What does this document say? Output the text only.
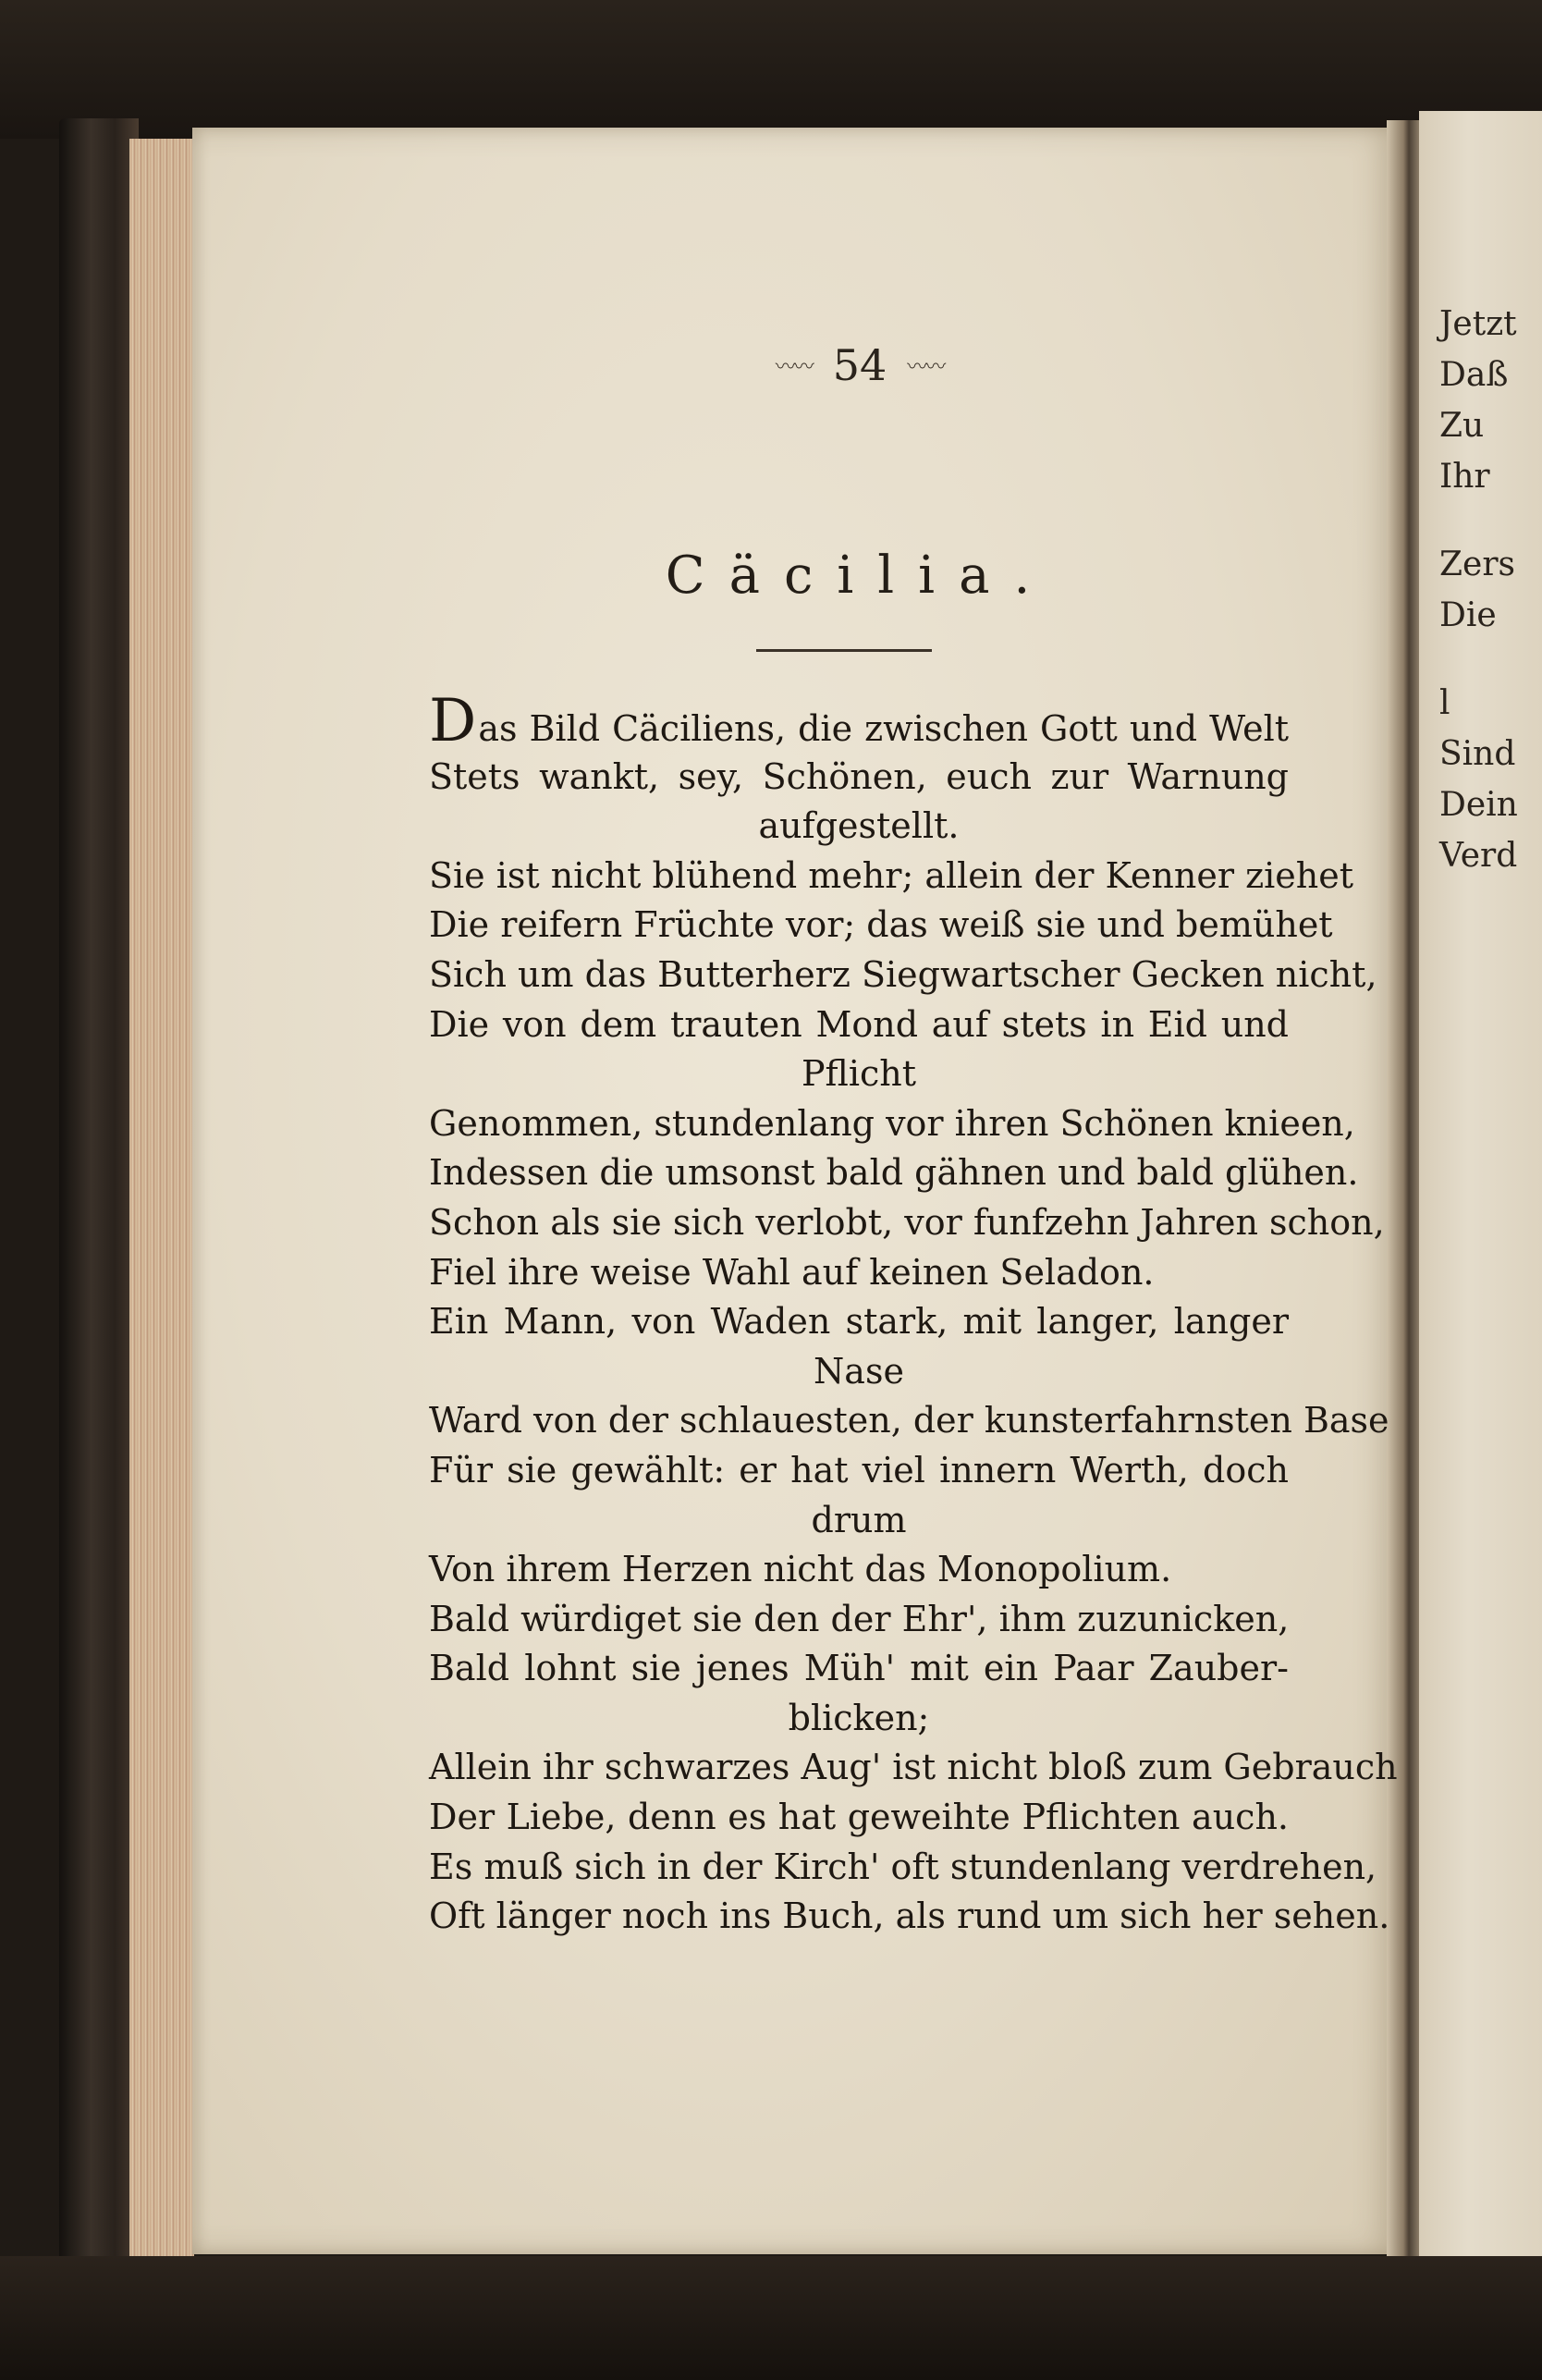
Jetzt
Daß
Zu
Ihr
Zers
Die
l
Sind
Dein
Verd
〰〰 54 〰〰
Cäcilia.
Das Bild Cäciliens, die zwischen Gott und Welt
Stets wankt, sey, Schönen, euch zur Warnung
aufgestellt.
Sie ist nicht blühend mehr; allein der Kenner ziehet
Die reifern Früchte vor; das weiß sie und bemühet
Sich um das Butterherz Siegwartscher Gecken nicht,
Die von dem trauten Mond auf stets in Eid und
Pflicht
Genommen, stundenlang vor ihren Schönen knieen,
Indessen die umsonst bald gähnen und bald glühen.
Schon als sie sich verlobt, vor funfzehn Jahren schon,
Fiel ihre weise Wahl auf keinen Seladon.
Ein Mann, von Waden stark, mit langer, langer
Nase
Ward von der schlauesten, der kunsterfahrnsten Base
Für sie gewählt: er hat viel innern Werth, doch
drum
Von ihrem Herzen nicht das Monopolium.
Bald würdiget sie den der Ehr', ihm zuzunicken,
Bald lohnt sie jenes Müh' mit ein Paar Zauber-
blicken;
Allein ihr schwarzes Aug' ist nicht bloß zum Gebrauch
Der Liebe, denn es hat geweihte Pflichten auch.
Es muß sich in der Kirch' oft stundenlang verdrehen,
Oft länger noch ins Buch, als rund um sich her sehen.
